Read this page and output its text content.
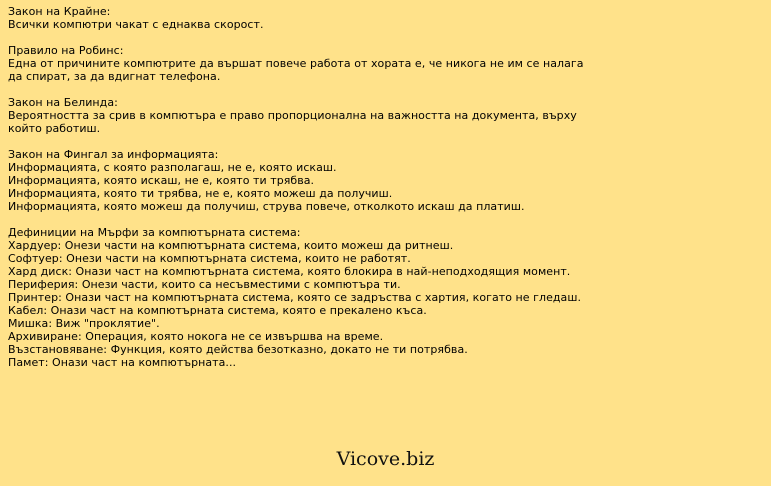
Закон на Крайне:
Всички компютри чакат с еднаква скорост.
Правило на Робинс:
Една от причините компютрите да вършат повече работа от хората е, че никога не им се налага
да спират, за да вдигнат телефона.
Закон на Белинда:
Вероятността за срив в компютъра е право пропорционална на важността на документа, върху
който работиш.
Закон на Фингал за информацията:
Информацията, с която разполагаш, не е, която искаш.
Информацията, която искаш, не е, която ти трябва.
Информацията, която ти трябва, не е, която можеш да получиш.
Информацията, която можеш да получиш, струва повече, отколкото искаш да платиш.
Дефиниции на Мърфи за компютърната система:
Хардуер: Онези части на компютърната система, които можеш да ритнеш.
Софтуер: Онези части на компютърната система, които не работят.
Хард диск: Онази част на компютърната система, която блокира в най-неподходящия момент.
Периферия: Онези части, които са несъвместими с компютъра ти.
Принтер: Онази част на компютърната система, която се задръства с хартия, когато не гледаш.
Кабел: Онази част на компютърната система, която е прекалено къса.
Мишка: Виж "проклятие".
Архивиране: Операция, която нокога не се извършва на време.
Възстановяване: Функция, която действа безотказно, докато не ти потрябва.
Памет: Онази част на компютърната...
Vicove.biz
